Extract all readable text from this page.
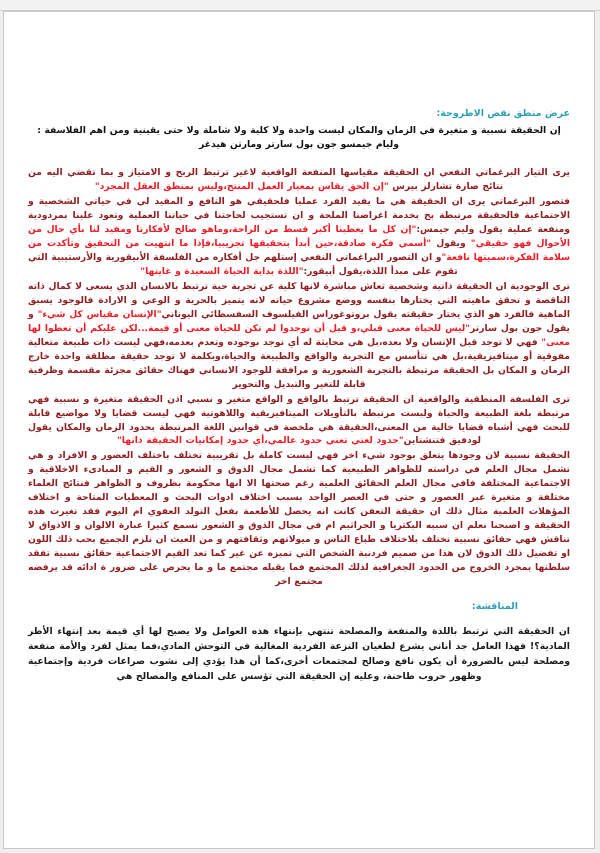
عرض منطق نقض الاطروحة:
إن الحقيقة نسبية و متغيرة في الزمان والمكان ليست واحدة ولا كلية ولا شاملة ولا حتى يقينية ومن اهم الفلاسفة :
وليام جيمسو جون بول سارتر ومارتن هيدغر
يرى التيار البرغماتي النفعي ان الحقيقة مقياسها المنفعة الواقعية لاغير ترتبط الربح و الامتياز و بما تقضي اليه من نتائج صارة تشارلز بيرس "إن الحق يقاس بمعيار العمل المنتج،وليس بمنطق العقل المجرد"
فتصور البرغماتي يرى ان الحقيقة هي ما يفيد الفرد عمليا فلحقيقي هو النافع و المفيد لي في حياتي الشخصية و الاجتماعية فالحقيقة مرتبطة بخ بخدمة اغراضنا الملحة و ان تستجيب لحاجتنا في حياتنا العملية وتعود علينا بمردودية ومنفعة عملية يقول وليم جيمس:"إن كل ما يعطينا أكبر قسط من الراحة،وماهو صالح لأفكارنا ومفيد لنا بأي حال من الأحوال فهو حقيقي" ويقول "أسمي فكرة صادقة،حين أبدأ بتحقيقها تجريبيا،فإذا ما انتهيت من التحقيق وتأكدت من سلامة الفكرة،سميتها نافعة"و ان التصور البراغماتي النفعي إستلهم جل أفكاره من الفلسفة الأبيقورية والأرستيبية التي تقوم على مبدأ اللذة،يقول أبيقور:"اللذة بداية الحياة السعيدة و غايتها"
ترى الوجودية ان الحقيقة ذاتية وشخصية تعاش مباشرة لانها كلية عن تجربة حية ترتبط بالانسان الذي يسعى لا كمال ذاته الناقصة و تحقق ماهيته التي يختارها بنفسه ووضع مشروع حياته لانه يتميز بالحرية و الوعي و الارادة فالوجود يسبق الماهية فالفرد هو الذي يختار حقيقته يقول بروتوغوراس الفيلسوف السفسطائي اليوناني"الإنسان مقياس كل شيء" و يقول جون بول سارتر"ليس للحياة معنى قبلي،و قبل أن توجدوا لم تكن للحياة معنى أو قيمة...لكن عليكم أن تعطوا لها معنى" فهي لا توجد قبل الإنسان ولا بعده،بل هي محايثة له أي توجد بوجوده وتعدم بعدمه،فهي ليست ذات طبيعة متعالية مفوقية أو ميتافيزيقية،بل هي تتأسس مع التجربة والواقع والطبيعة والحياة،وبكلمة لا توجد حقيقة مطلقة واحدة خارج الزمان و المكان بل الحقيقة مرتبطة بالتجربة الشعورية و مرافقة للوجود الانساني فهناك حقائق مجزئة مقسمة وظرفية قابلة للتغير والتبديل والتحوير
ترى الفلسفة المنطقية والواقعية ان الحقيقة ترتبط بالواقع و الواقع متغير و نسبي اذن الحقيقة متغيرة و نسبية فهي مرتبطة بلغة الطبيعة والحياة وليست مرتبطة بالتأويلات الميتافيزيقية واللاهوتية فهي ليست قضايا ولا مواضيع قابلة للبحث فهي أشباه قضايا خالية من المعنى،الحقيقة هي ملخصة في قوانين اللغة المرتبطة بحدود الزمان والمكان يقول لودفيق فتنشتاين"حدود لغتي تعني حدود عالمي،أي حدود إمكانيات الحقيقة ذاتها"
الحقيقة نسبية لان وجودها يتعلق بوجود شيء اخر فهي ليست كاملة بل تقريبية تختلف باختلف العصور و الافراد و هي تشمل مجال العلم في دراسته للظواهر الطبيعية كما تشمل مجال الذوق و الشعور و القيم و المبادىء الاخلاقية و الاجتماعية المختلفة فافي مجال العلم الحقائق العلمية رغم صحتها الا انها محكومة بظروف و الظواهر فنتائج العلماء مختلفة و متغيرة عبر العصور و حتى في العصر الواحد بسبب اختلاف ادوات البحث و المعطيات المتاحة و اختلاف المؤهلات العلمية مثال ذلك ان حقيقة التعفن كانت انه يحصل للأطعمة بفعل التولد العفوي ام اليوم فقد تغيرت هذه الحقيقة و اصبحنا نعلم ان سببه البكتريا و الجراثيم ام في مجال الذوق و الشعور نسمع كثيرا عبارة الالوان و الاذواق لا تناقش فهي حقائق نسبية تختلف بلاختلاف طباع الناس و ميولاتهم وثقافتهم و من العبث ان نلزم الجميع بحب ذلك اللون او تفضيل ذلك الذوق لان هذا من صميم فردنية الشخص التي تميزه عن غير كما تعد القيم الاجتماعية حقائق نسبية تفقد سلطتها بمجرد الخروج من الحدود الجغرافية لذلك المجتمع فما يقبله مجتمع ما و ما يحرص على ضرور ة ادائه قد يرفضه مجتمع اخر
المناقشة:
ان الحقيقة التي ترتبط باللذة والمنفعة والمصلحة تنتهي بإنتهاء هذه العوامل ولا يصبح لها أي قيمة بعد إنتهاء الأطر المادية؟! فهذا العامل جد أناني يشرع لطغيان النزعة الفردية المغالية في التوحش المادي،فما يمثل لفرد والأمة منفعة ومصلحة ليس بالضرورة أن يكون نافع وصالح لمجتمعات أخرى،كما أن هذا يؤدي إلى نشوب صراعات فردية وإجتماعية وظهور حروب طاحنة، وعليه إن الحقيقة التي تؤسس على المنافع والمصالح هي
